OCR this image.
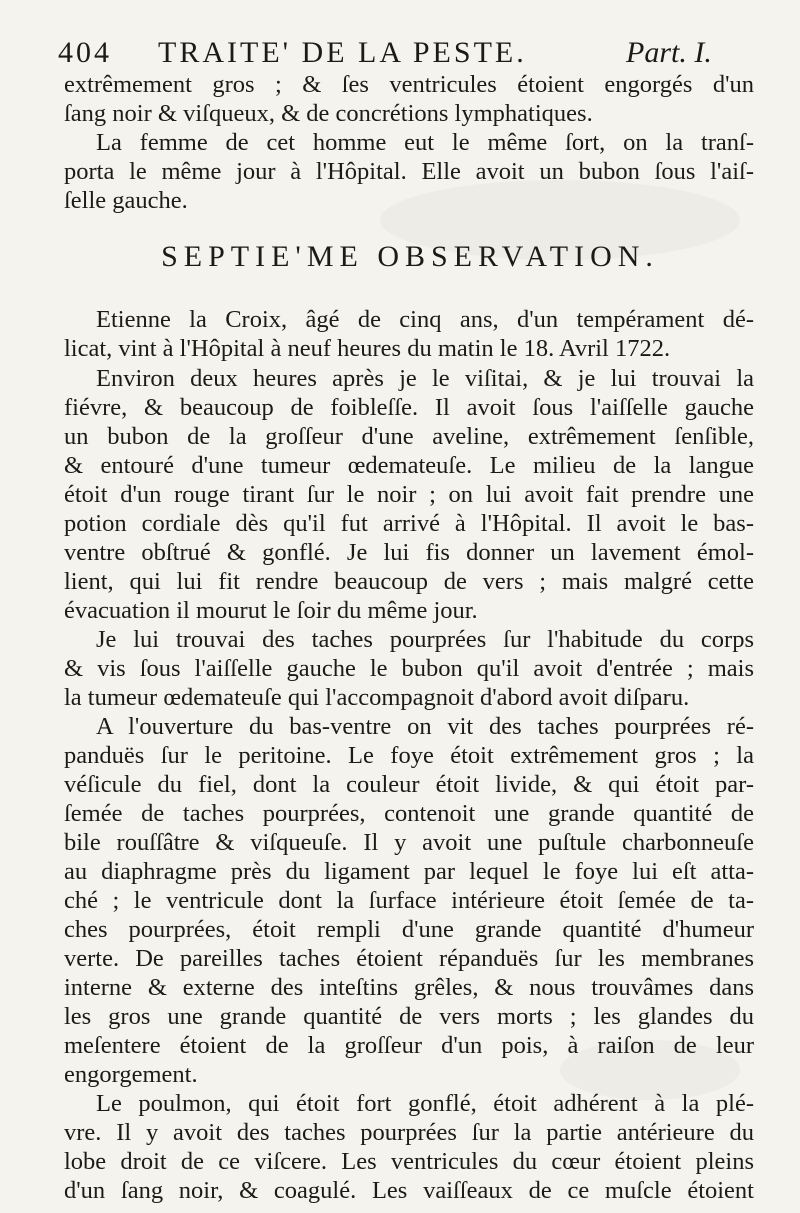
404 TRAITE' DE LA PESTE.	Part. I.
extrêmement gros ; & ſes ventricules étoient engorgés d'un
ſang noir & viſqueux, & de concrétions lymphatiques.
La femme de cet homme eut le même ſort, on la tranſ-
porta le même jour à l'Hôpital. Elle avoit un bubon ſous l'aiſ-
ſelle gauche.
SEPTIE'ME OBSERVATION.
Etienne la Croix, âgé de cinq ans, d'un tempérament dé-
licat, vint à l'Hôpital à neuf heures du matin le 18. Avril 1722.
Environ deux heures après je le viſitai, & je lui trouvai la
fiévre, & beaucoup de foibleſſe. Il avoit ſous l'aiſſelle gauche
un bubon de la groſſeur d'une aveline, extrêmement ſenſible,
& entouré d'une tumeur œdemateuſe. Le milieu de la langue
étoit d'un rouge tirant ſur le noir ; on lui avoit fait prendre une
potion cordiale dès qu'il fut arrivé à l'Hôpital. Il avoit le bas-
ventre obſtrué & gonflé. Je lui fis donner un lavement émol-
lient, qui lui fit rendre beaucoup de vers ; mais malgré cette
évacuation il mourut le ſoir du même jour.
Je lui trouvai des taches pourprées ſur l'habitude du corps
& vis ſous l'aiſſelle gauche le bubon qu'il avoit d'entrée ; mais
la tumeur œdemateuſe qui l'accompagnoit d'abord avoit diſparu.
A l'ouverture du bas-ventre on vit des taches pourprées ré-
panduës ſur le peritoine. Le foye étoit extrêmement gros ; la
véſicule du fiel, dont la couleur étoit livide, & qui étoit par-
ſemée de taches pourprées, contenoit une grande quantité de
bile rouſſâtre & viſqueuſe. Il y avoit une puſtule charbonneuſe
au diaphragme près du ligament par lequel le foye lui eſt atta-
ché ; le ventricule dont la ſurface intérieure étoit ſemée de ta-
ches pourprées, étoit rempli d'une grande quantité d'humeur
verte. De pareilles taches étoient répanduës ſur les membranes
interne & externe des inteſtins grêles, & nous trouvâmes dans
les gros une grande quantité de vers morts ; les glandes du
meſentere étoient de la groſſeur d'un pois, à raiſon de leur
engorgement.
Le poulmon, qui étoit fort gonflé, étoit adhérent à la plé-
vre. Il y avoit des taches pourprées ſur la partie antérieure du
lobe droit de ce viſcere. Les ventricules du cœur étoient pleins
d'un ſang noir, & coagulé. Les vaiſſeaux de ce muſcle étoient
